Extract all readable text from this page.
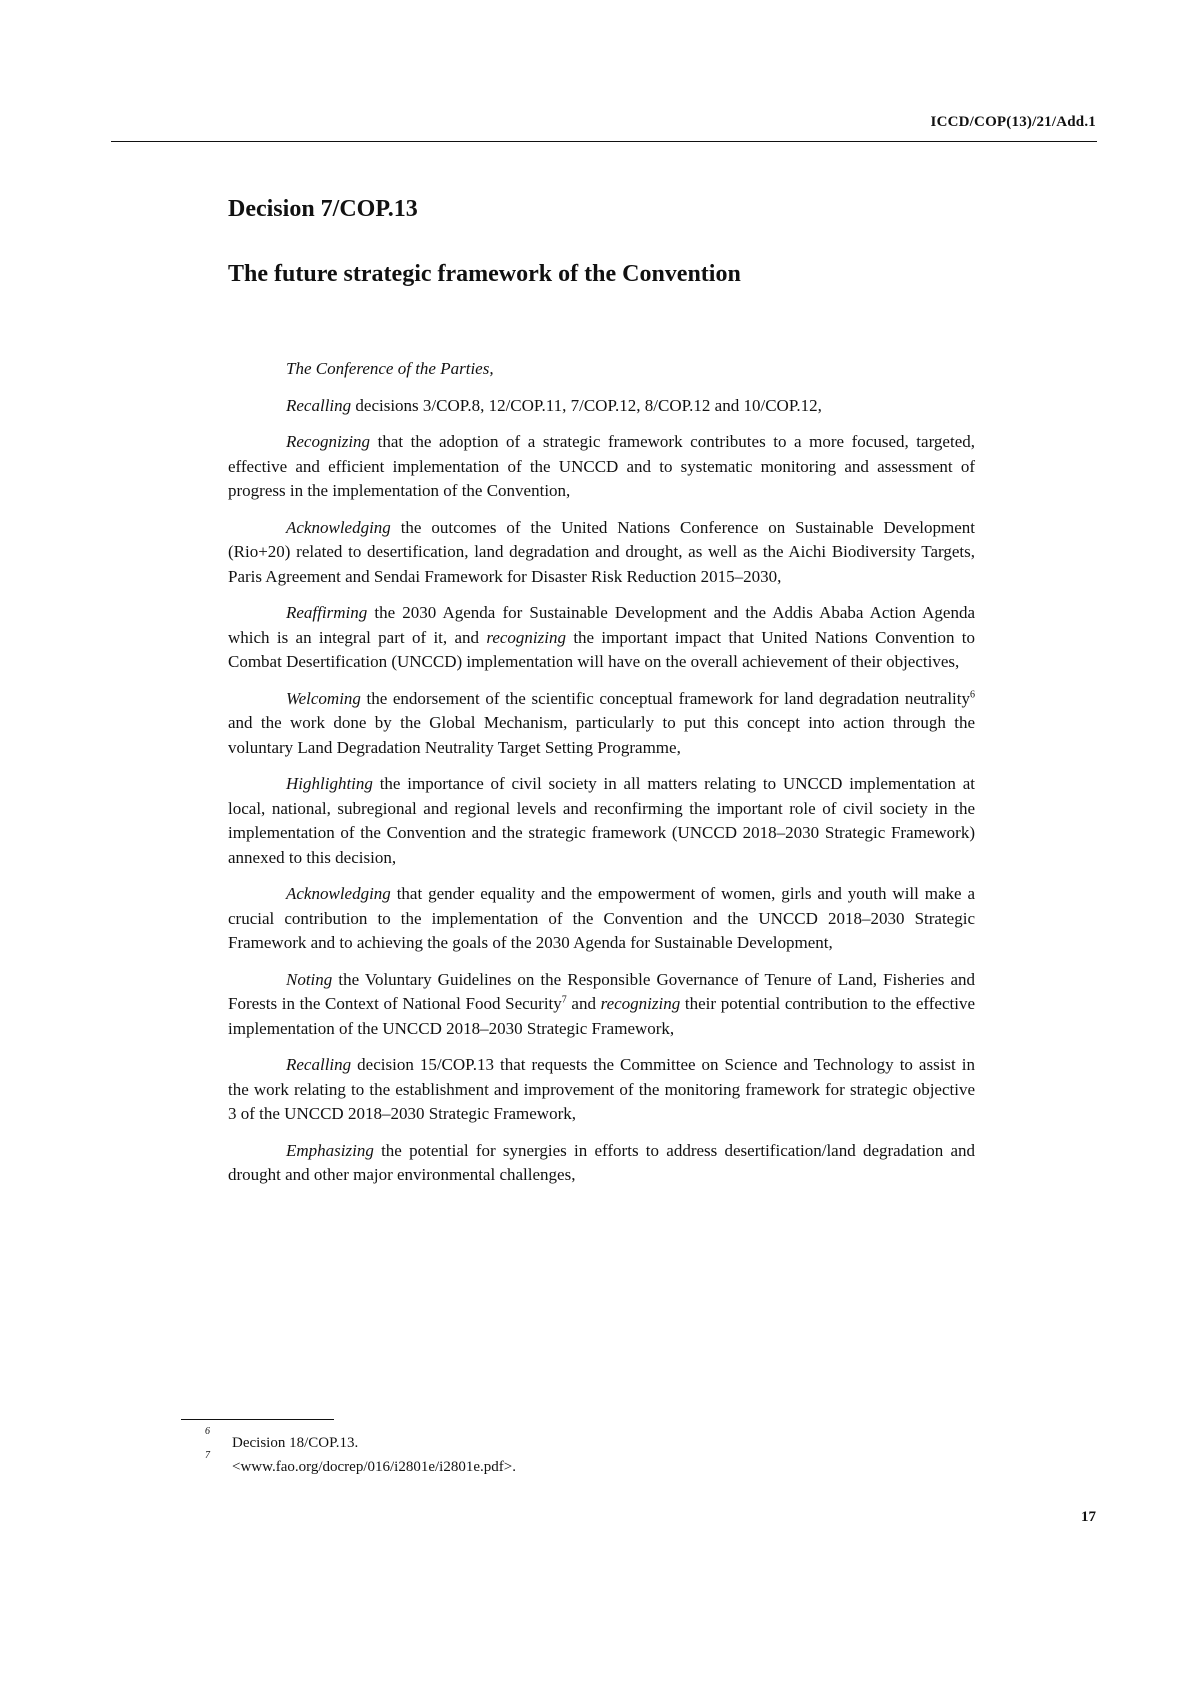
ICCD/COP(13)/21/Add.1
Decision 7/COP.13
The future strategic framework of the Convention

The Conference of the Parties,

Recalling decisions 3/COP.8, 12/COP.11, 7/COP.12, 8/COP.12 and 10/COP.12,

Recognizing that the adoption of a strategic framework contributes to a more focused, targeted, effective and efficient implementation of the UNCCD and to systematic monitoring and assessment of progress in the implementation of the Convention,

Acknowledging the outcomes of the United Nations Conference on Sustainable Development (Rio+20) related to desertification, land degradation and drought, as well as the Aichi Biodiversity Targets, Paris Agreement and Sendai Framework for Disaster Risk Reduction 2015–2030,

Reaffirming the 2030 Agenda for Sustainable Development and the Addis Ababa Action Agenda which is an integral part of it, and recognizing the important impact that United Nations Convention to Combat Desertification (UNCCD) implementation will have on the overall achievement of their objectives,

Welcoming the endorsement of the scientific conceptual framework for land degradation neutrality$^6$ and the work done by the Global Mechanism, particularly to put this concept into action through the voluntary Land Degradation Neutrality Target Setting Programme,

Highlighting the importance of civil society in all matters relating to UNCCD implementation at local, national, subregional and regional levels and reconfirming the important role of civil society in the implementation of the Convention and the strategic framework (UNCCD 2018–2030 Strategic Framework) annexed to this decision,

Acknowledging that gender equality and the empowerment of women, girls and youth will make a crucial contribution to the implementation of the Convention and the UNCCD 2018–2030 Strategic Framework and to achieving the goals of the 2030 Agenda for Sustainable Development,

Noting the Voluntary Guidelines on the Responsible Governance of Tenure of Land, Fisheries and Forests in the Context of National Food Security$^7$ and recognizing their potential contribution to the effective implementation of the UNCCD 2018–2030 Strategic Framework,

Recalling decision 15/COP.13 that requests the Committee on Science and Technology to assist in the work relating to the establishment and improvement of the monitoring framework for strategic objective 3 of the UNCCD 2018–2030 Strategic Framework,

Emphasizing the potential for synergies in efforts to address desertification/land degradation and drought and other major environmental challenges,

6
Decision 18/COP.13.
7
<www.fao.org/docrep/016/i2801e/i2801e.pdf>.
17
